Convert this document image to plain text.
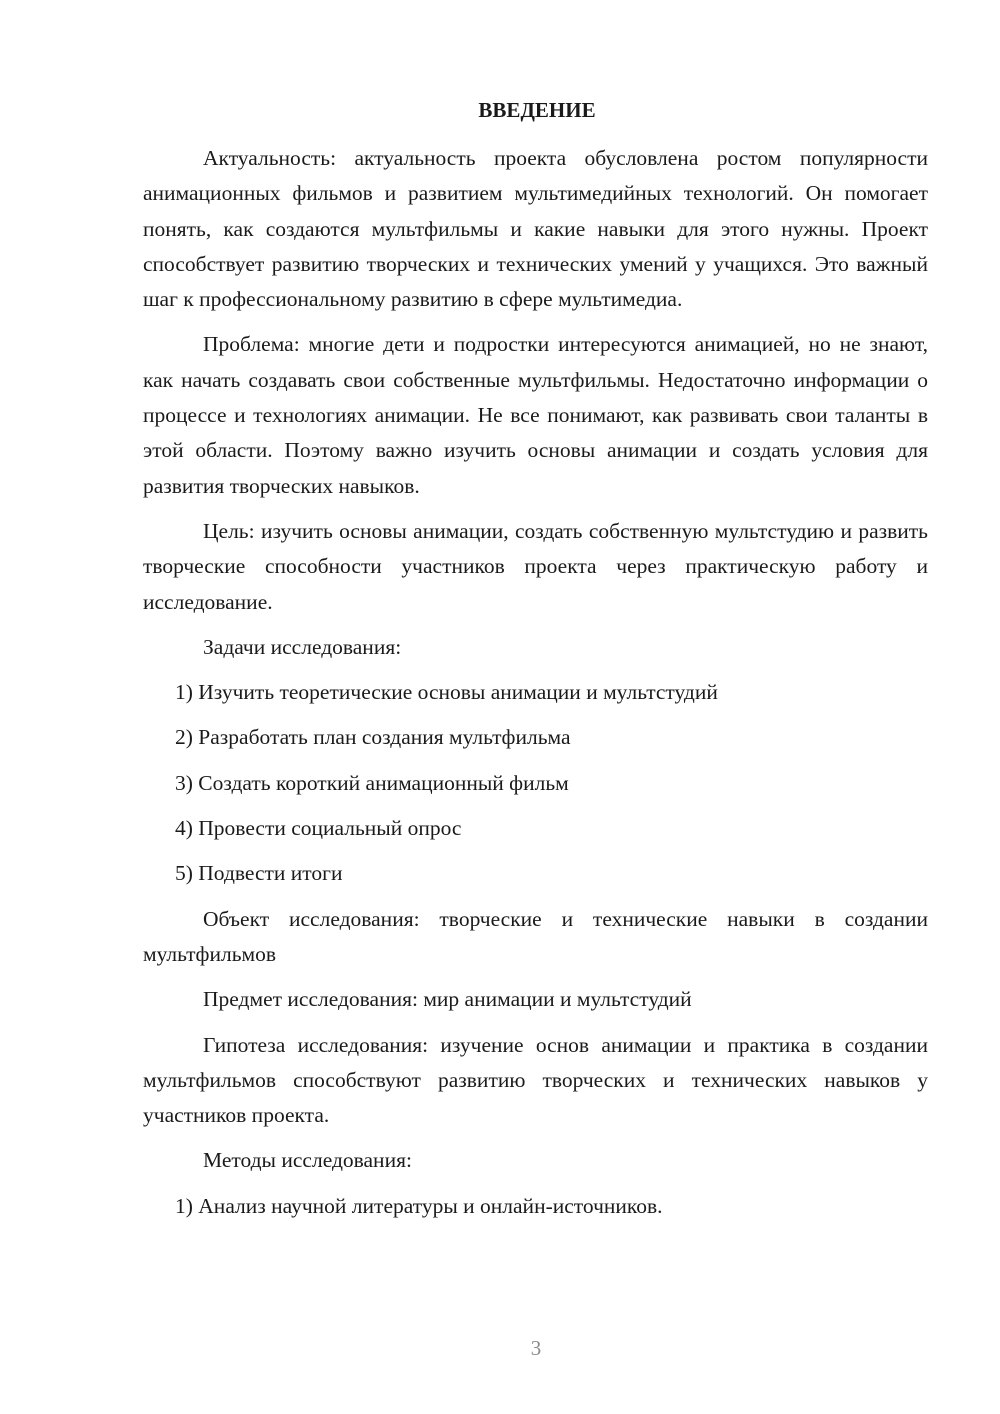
ВВЕДЕНИЕ

Актуальность: актуальность проекта обусловлена ростом популярности анимационных фильмов и развитием мультимедийных технологий. Он помогает понять, как создаются мультфильмы и какие навыки для этого нужны. Проект способствует развитию творческих и технических умений у учащихся. Это важный шаг к профессиональному развитию в сфере мультимедиа.

Проблема: многие дети и подростки интересуются анимацией, но не знают, как начать создавать свои собственные мультфильмы. Недостаточно информации о процессе и технологиях анимации. Не все понимают, как развивать свои таланты в этой области. Поэтому важно изучить основы анимации и создать условия для развития творческих навыков.

Цель: изучить основы анимации, создать собственную мультстудию и развить творческие способности участников проекта через практическую работу и исследование.

Задачи исследования:
1) Изучить теоретические основы анимации и мультстудий
2) Разработать план создания мультфильма
3) Создать короткий анимационный фильм
4) Провести социальный опрос
5) Подвести итоги

Объект исследования: творческие и технические навыки в создании мультфильмов

Предмет исследования: мир анимации и мультстудий

Гипотеза исследования: изучение основ анимации и практика в создании мультфильмов способствуют развитию творческих и технических навыков у участников проекта.

Методы исследования:
1) Анализ научной литературы и онлайн-источников.
3
